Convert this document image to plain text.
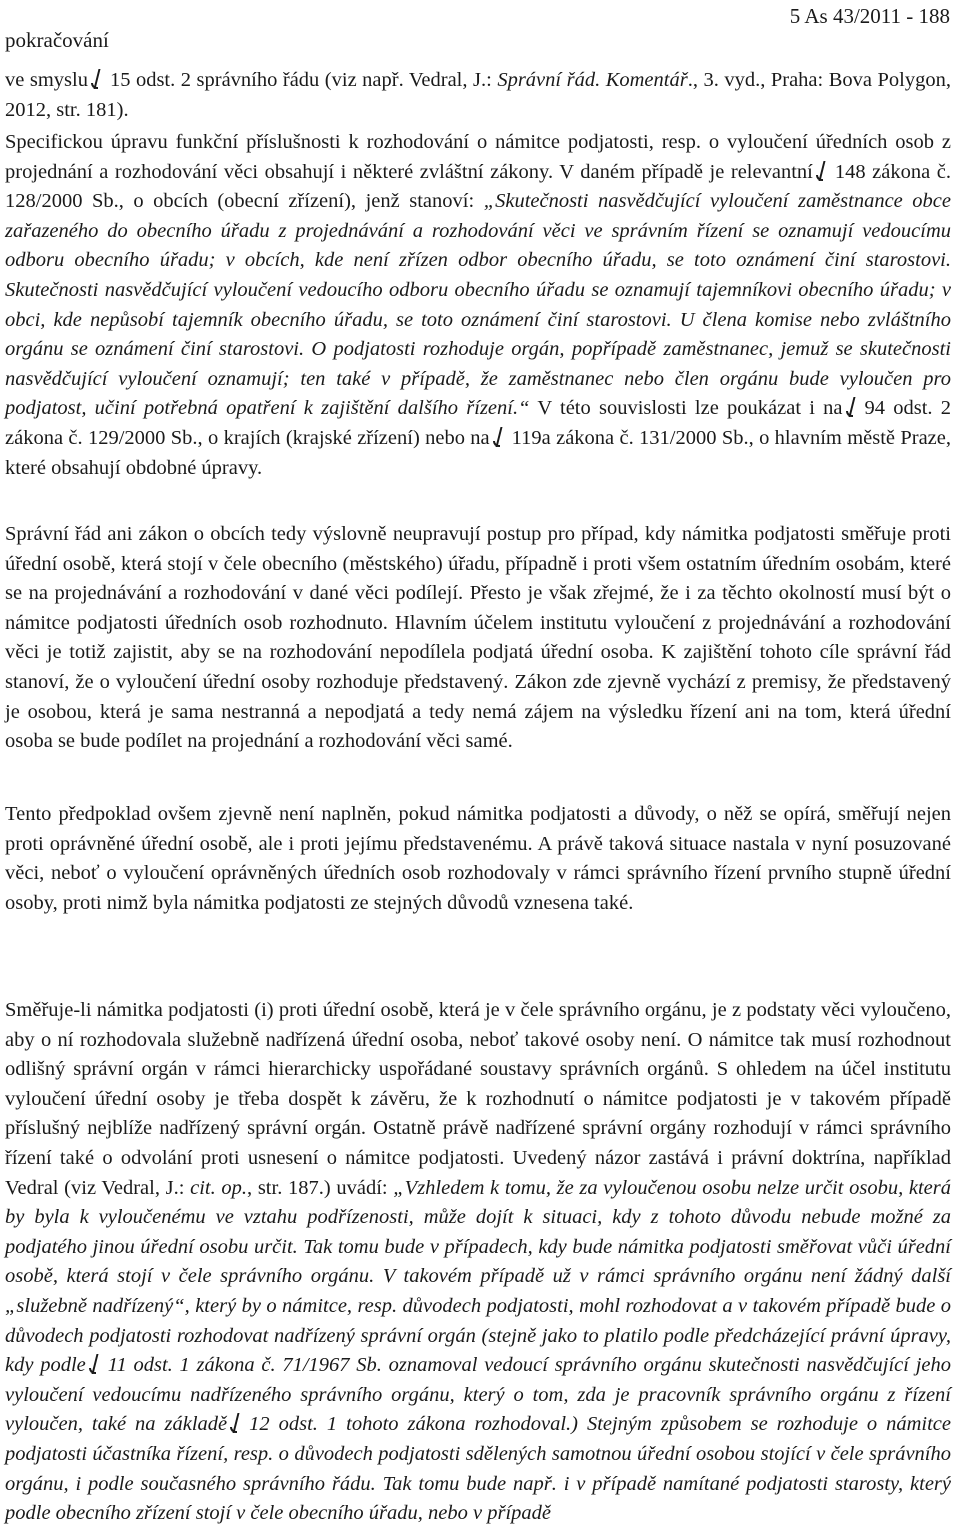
pokračování
5 As 43/2011 - 188

ve smyslu 15 odst. 2 správního řádu (viz např. Vedral, J.: Správní řád. Komentář., 3. vyd., Praha: Bova Polygon, 2012, str. 181).

Specifickou úpravu funkční příslušnosti k rozhodování o námitce podjatosti, resp. o vyloučení úředních osob z projednání a rozhodování věci obsahují i některé zvláštní zákony. V daném případě je relevantní 148 zákona č. 128/2000 Sb., o obcích (obecní zřízení), jenž stanoví: „Skutečnosti nasvědčující vyloučení zaměstnance obce zařazeného do obecního úřadu z projednávání a rozhodování věci ve správním řízení se oznamují vedoucímu odboru obecního úřadu; v obcích, kde není zřízen odbor obecního úřadu, se toto oznámení činí starostovi. Skutečnosti nasvědčující vyloučení vedoucího odboru obecního úřadu se oznamují tajemníkovi obecního úřadu; v obci, kde nepůsobí tajemník obecního úřadu, se toto oznámení činí starostovi. U člena komise nebo zvláštního orgánu se oznámení činí starostovi. O podjatosti rozhoduje orgán, popřípadě zaměstnanec, jemuž se skutečnosti nasvědčující vyloučení oznamují; ten také v případě, že zaměstnanec nebo člen orgánu bude vyloučen pro podjatost, učiní potřebná opatření k zajištění dalšího řízení.“ V této souvislosti lze poukázat i na 94 odst. 2 zákona č. 129/2000 Sb., o krajích (krajské zřízení) nebo na 119a zákona č. 131/2000 Sb., o hlavním městě Praze, které obsahují obdobné úpravy.

Správní řád ani zákon o obcích tedy výslovně neupravují postup pro případ, kdy námitka podjatosti směřuje proti úřední osobě, která stojí v čele obecního (městského) úřadu, případně i proti všem ostatním úředním osobám, které se na projednávání a rozhodování v dané věci podílejí. Přesto je však zřejmé, že i za těchto okolností musí být o námitce podjatosti úředních osob rozhodnuto. Hlavním účelem institutu vyloučení z projednávání a rozhodování věci je totiž zajistit, aby se na rozhodování nepodílela podjatá úřední osoba. K zajištění tohoto cíle správní řád stanoví, že o vyloučení úřední osoby rozhoduje představený. Zákon zde zjevně vychází z premisy, že představený je osobou, která je sama nestranná a nepodjatá a tedy nemá zájem na výsledku řízení ani na tom, která úřední osoba se bude podílet na projednání a rozhodování věci samé.

Tento předpoklad ovšem zjevně není naplněn, pokud námitka podjatosti a důvody, o něž se opírá, směřují nejen proti oprávněné úřední osobě, ale i proti jejímu představenému. A právě taková situace nastala v nyní posuzované věci, neboť o vyloučení oprávněných úředních osob rozhodovaly v rámci správního řízení prvního stupně úřední osoby, proti nimž byla námitka podjatosti ze stejných důvodů vznesena také.

Směřuje-li námitka podjatosti (i) proti úřední osobě, která je v čele správního orgánu, je z podstaty věci vyloučeno, aby o ní rozhodovala služebně nadřízená úřední osoba, neboť takové osoby není. O námitce tak musí rozhodnout odlišný správní orgán v rámci hierarchicky uspořádané soustavy správních orgánů. S ohledem na účel institutu vyloučení úřední osoby je třeba dospět k závěru, že k rozhodnutí o námitce podjatosti je v takovém případě příslušný nejblíže nadřízený správní orgán. Ostatně právě nadřízené správní orgány rozhodují v rámci správního řízení také o odvolání proti usnesení o námitce podjatosti. Uvedený názor zastává i právní doktrína, například Vedral (viz Vedral, J.: cit. op., str. 187.) uvádí: „Vzhledem k tomu, že za vyloučenou osobu nelze určit osobu, která by byla k vyloučenému ve vztahu podřízenosti, může dojít k situaci, kdy z tohoto důvodu nebude možné za podjatého jinou úřední osobu určit. Tak tomu bude v případech, kdy bude námitka podjatosti směřovat vůči úřední osobě, která stojí v čele správního orgánu. V takovém případě už v rámci správního orgánu není žádný další „služebně nadřízený“, který by o námitce, resp. důvodech podjatosti, mohl rozhodovat a v takovém případě bude o důvodech podjatosti rozhodovat nadřízený správní orgán (stejně jako to platilo podle předcházející právní úpravy, kdy podle 11 odst. 1 zákona č. 71/1967 Sb. oznamoval vedoucí správního orgánu skutečnosti nasvědčující jeho vyloučení vedoucímu nadřízeného správního orgánu, který o tom, zda je pracovník správního orgánu z řízení vyloučen, také na základě 12 odst. 1 tohoto zákona rozhodoval.) Stejným způsobem se rozhoduje o námitce podjatosti účastníka řízení, resp. o důvodech podjatosti sdělených samotnou úřední osobou stojící v čele správního orgánu, i podle současného správního řádu. Tak tomu bude např. i v případě namítané podjatosti starosty, který podle obecního zřízení stojí v čele obecního úřadu, nebo v případě
